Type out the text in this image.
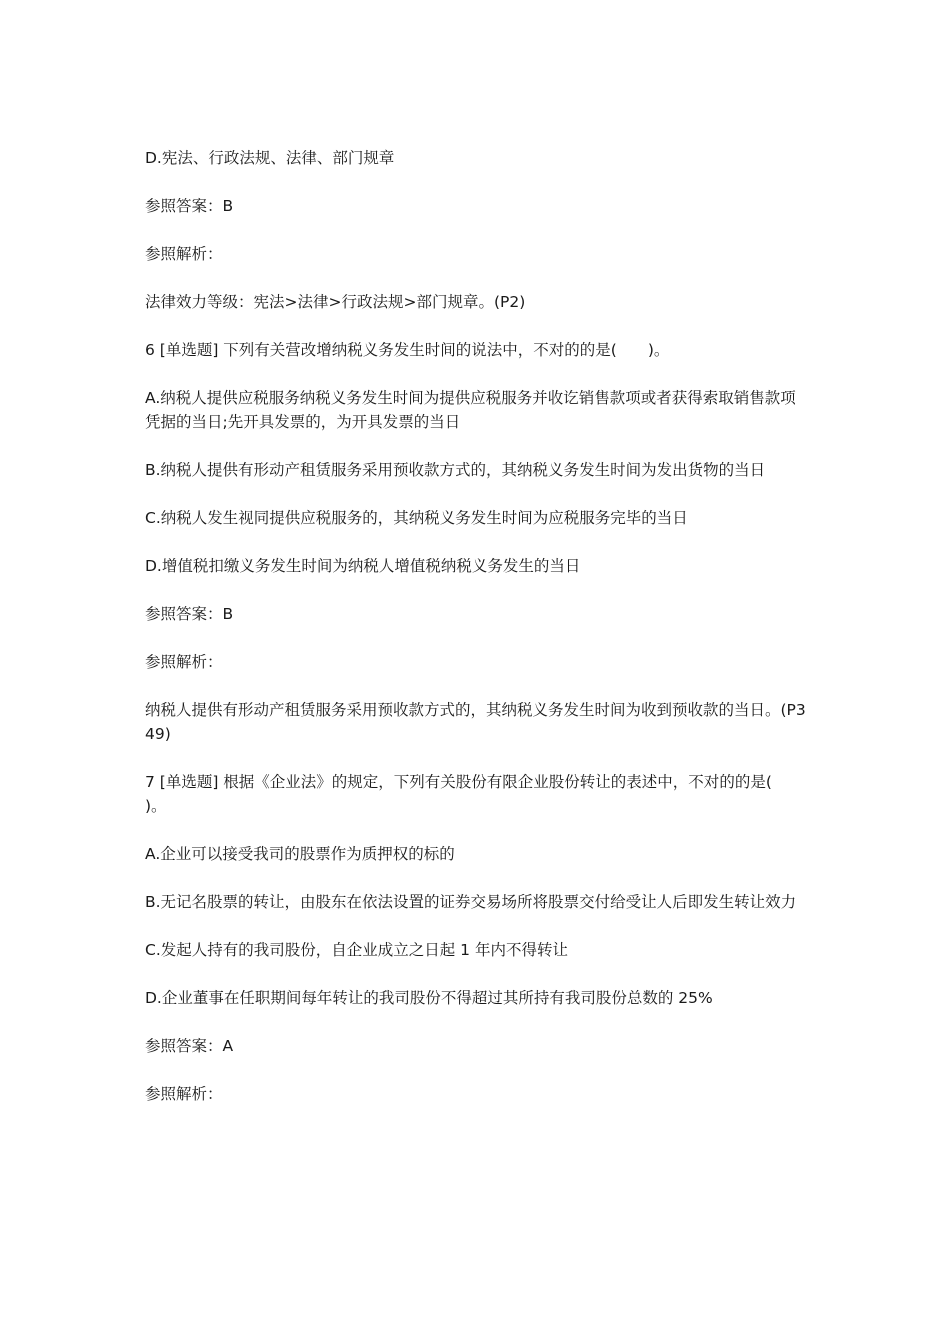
D.宪法、行政法规、法律、部门规章

参照答案：B

参照解析：

法律效力等级：宪法>法律>行政法规>部门规章。(P2)

6 [单选题] 下列有关营改增纳税义务发生时间的说法中，不对的的是(　　)。

A.纳税人提供应税服务纳税义务发生时间为提供应税服务并收讫销售款项或者获得索取销售款项凭据的当日;先开具发票的，为开具发票的当日

B.纳税人提供有形动产租赁服务采用预收款方式的，其纳税义务发生时间为发出货物的当日

C.纳税人发生视同提供应税服务的，其纳税义务发生时间为应税服务完毕的当日

D.增值税扣缴义务发生时间为纳税人增值税纳税义务发生的当日

参照答案：B

参照解析：

纳税人提供有形动产租赁服务采用预收款方式的，其纳税义务发生时间为收到预收款的当日。(P349)

7 [单选题] 根据《企业法》的规定，下列有关股份有限企业股份转让的表述中，不对的的是(　　)。

A.企业可以接受我司的股票作为质押权的标的

B.无记名股票的转让，由股东在依法设置的证券交易场所将股票交付给受让人后即发生转让效力

C.发起人持有的我司股份，自企业成立之日起 1 年内不得转让

D.企业董事在任职期间每年转让的我司股份不得超过其所持有我司股份总数的 25%

参照答案：A

参照解析：
